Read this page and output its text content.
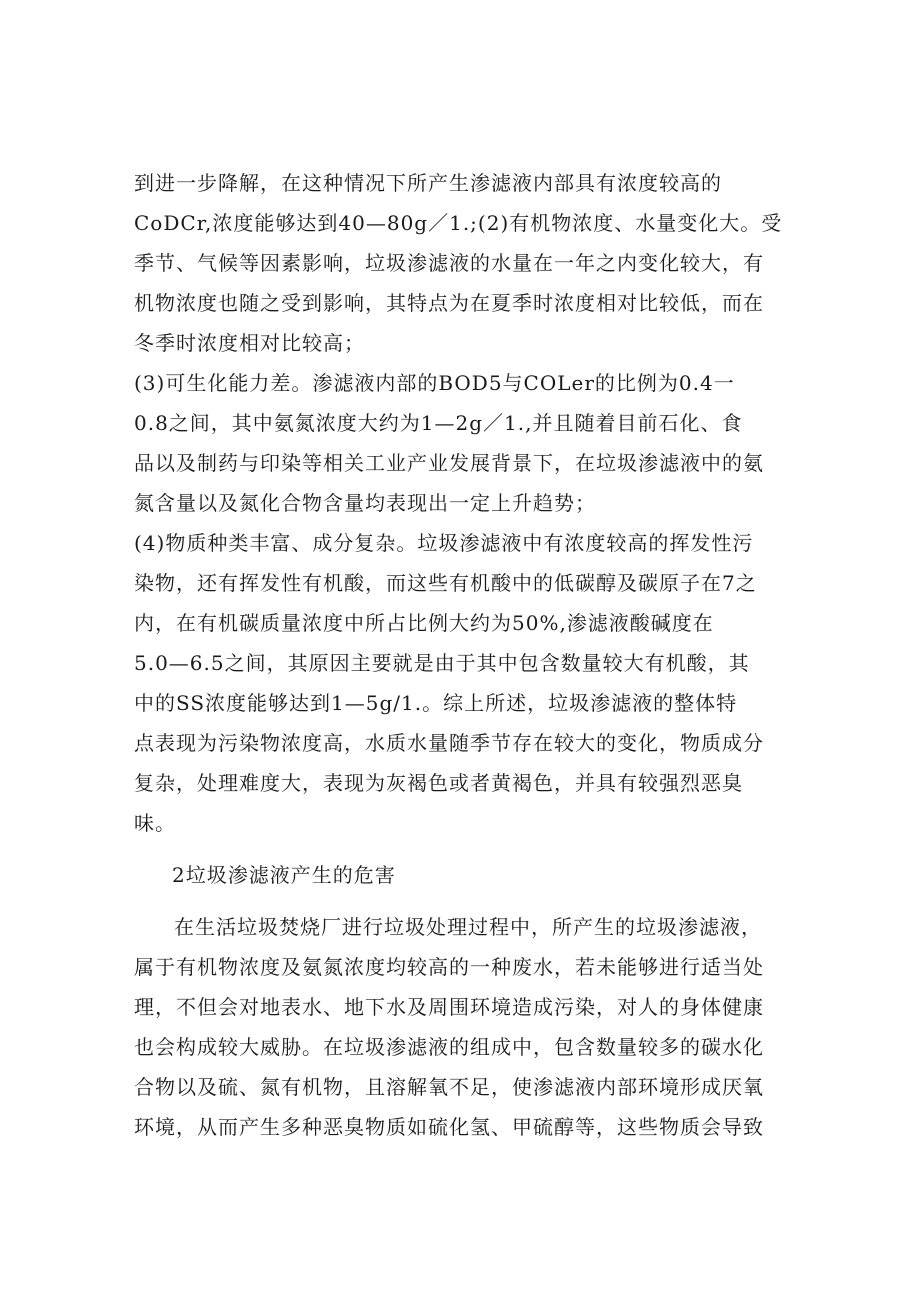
到进一步降解，在这种情况下所产生渗滤液内部具有浓度较高的
CoDCr,浓度能够达到40—80g／1.;(2)有机物浓度、水量变化大。受
季节、气候等因素影响，垃圾渗滤液的水量在一年之内变化较大，有
机物浓度也随之受到影响，其特点为在夏季时浓度相对比较低，而在
冬季时浓度相对比较高；
(3)可生化能力差。渗滤液内部的BOD5与COLer的比例为0.4一
0.8之间，其中氨氮浓度大约为1—2g／1.,并且随着目前石化、食
品以及制药与印染等相关工业产业发展背景下，在垃圾渗滤液中的氨
氮含量以及氮化合物含量均表现出一定上升趋势；
(4)物质种类丰富、成分复杂。垃圾渗滤液中有浓度较高的挥发性污
染物，还有挥发性有机酸，而这些有机酸中的低碳醇及碳原子在7之
内，在有机碳质量浓度中所占比例大约为50%,渗滤液酸碱度在
5.0—6.5之间，其原因主要就是由于其中包含数量较大有机酸，其
中的SS浓度能够达到1—5g/1.。综上所述，垃圾渗滤液的整体特
点表现为污染物浓度高，水质水量随季节存在较大的变化，物质成分
复杂，处理难度大，表现为灰褐色或者黄褐色，并具有较强烈恶臭
味。
2垃圾渗滤液产生的危害
在生活垃圾焚烧厂进行垃圾处理过程中，所产生的垃圾渗滤液，
属于有机物浓度及氨氮浓度均较高的一种废水，若未能够进行适当处
理，不但会对地表水、地下水及周围环境造成污染，对人的身体健康
也会构成较大威胁。在垃圾渗滤液的组成中，包含数量较多的碳水化
合物以及硫、氮有机物，且溶解氧不足，使渗滤液内部环境形成厌氧
环境，从而产生多种恶臭物质如硫化氢、甲硫醇等，这些物质会导致
